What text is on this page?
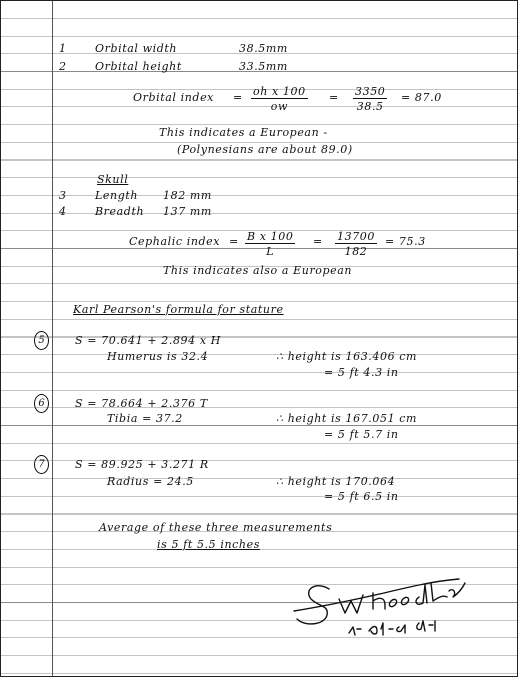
1	Orbital width	38.5mm
2	Orbital height	33.5mm
Orbital index = $\frac{\text{oh x 100}}{ow} = \frac{3350}{38.5} = 87.0$
This indicates a European -
(Polynesians are about 89.0)
Skull
3	Length 182 mm
4	Breadth 137 mm
Cephalic index = $\frac{\text{B x 100}}{L} = \frac{13700}{182} = 75.3$
This indicates also a European
Karl Pearson's formula for stature
5	S = 70.641 + 2.894 x H
Humerus is 32.4	∴ height is 163.406 cm
= 5 ft 4.3 in
6	S = 78.664 + 2.376 T
Tibia = 37.2	∴ height is 167.051 cm
= 5 ft 5.7 in
7	S = 89.925 + 3.271 R
Radius = 24.5	∴ height is 170.064
= 5 ft 6.5 in
Average of these three measurements
is 5 ft 5.5 inches
